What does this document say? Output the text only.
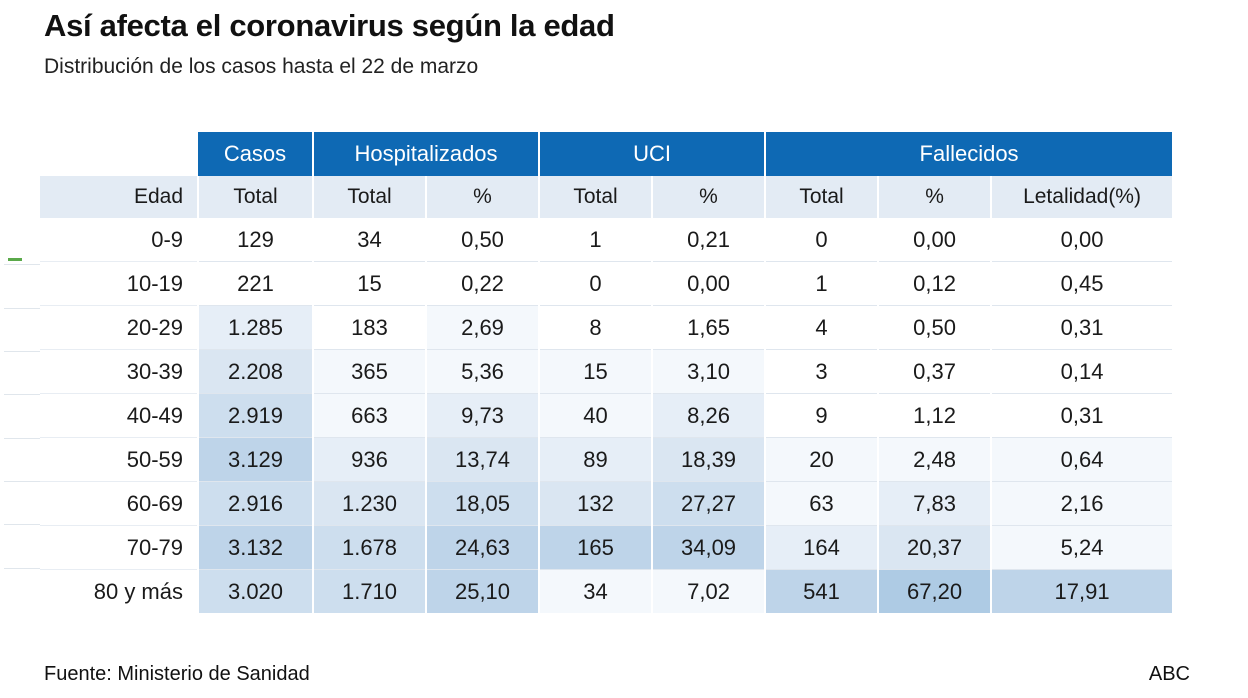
Así afecta el coronavirus según la edad
Distribución de los casos hasta el 22 de marzo
	Casos	Hospitalizados		UCI		Fallecidos		
Edad	Total	Total	%	Total	%	Total	%	Letalidad(%)
0-9	129	34	0,50	1	0,21	0	0,00	0,00
10-19	221	15	0,22	0	0,00	1	0,12	0,45
20-29	1.285	183	2,69	8	1,65	4	0,50	0,31
30-39	2.208	365	5,36	15	3,10	3	0,37	0,14
40-49	2.919	663	9,73	40	8,26	9	1,12	0,31
50-59	3.129	936	13,74	89	18,39	20	2,48	0,64
60-69	2.916	1.230	18,05	132	27,27	63	7,83	2,16
70-79	3.132	1.678	24,63	165	34,09	164	20,37	5,24
80 y más	3.020	1.710	25,10	34	7,02	541	67,20	17,91
Fuente: Ministerio de Sanidad	ABC
